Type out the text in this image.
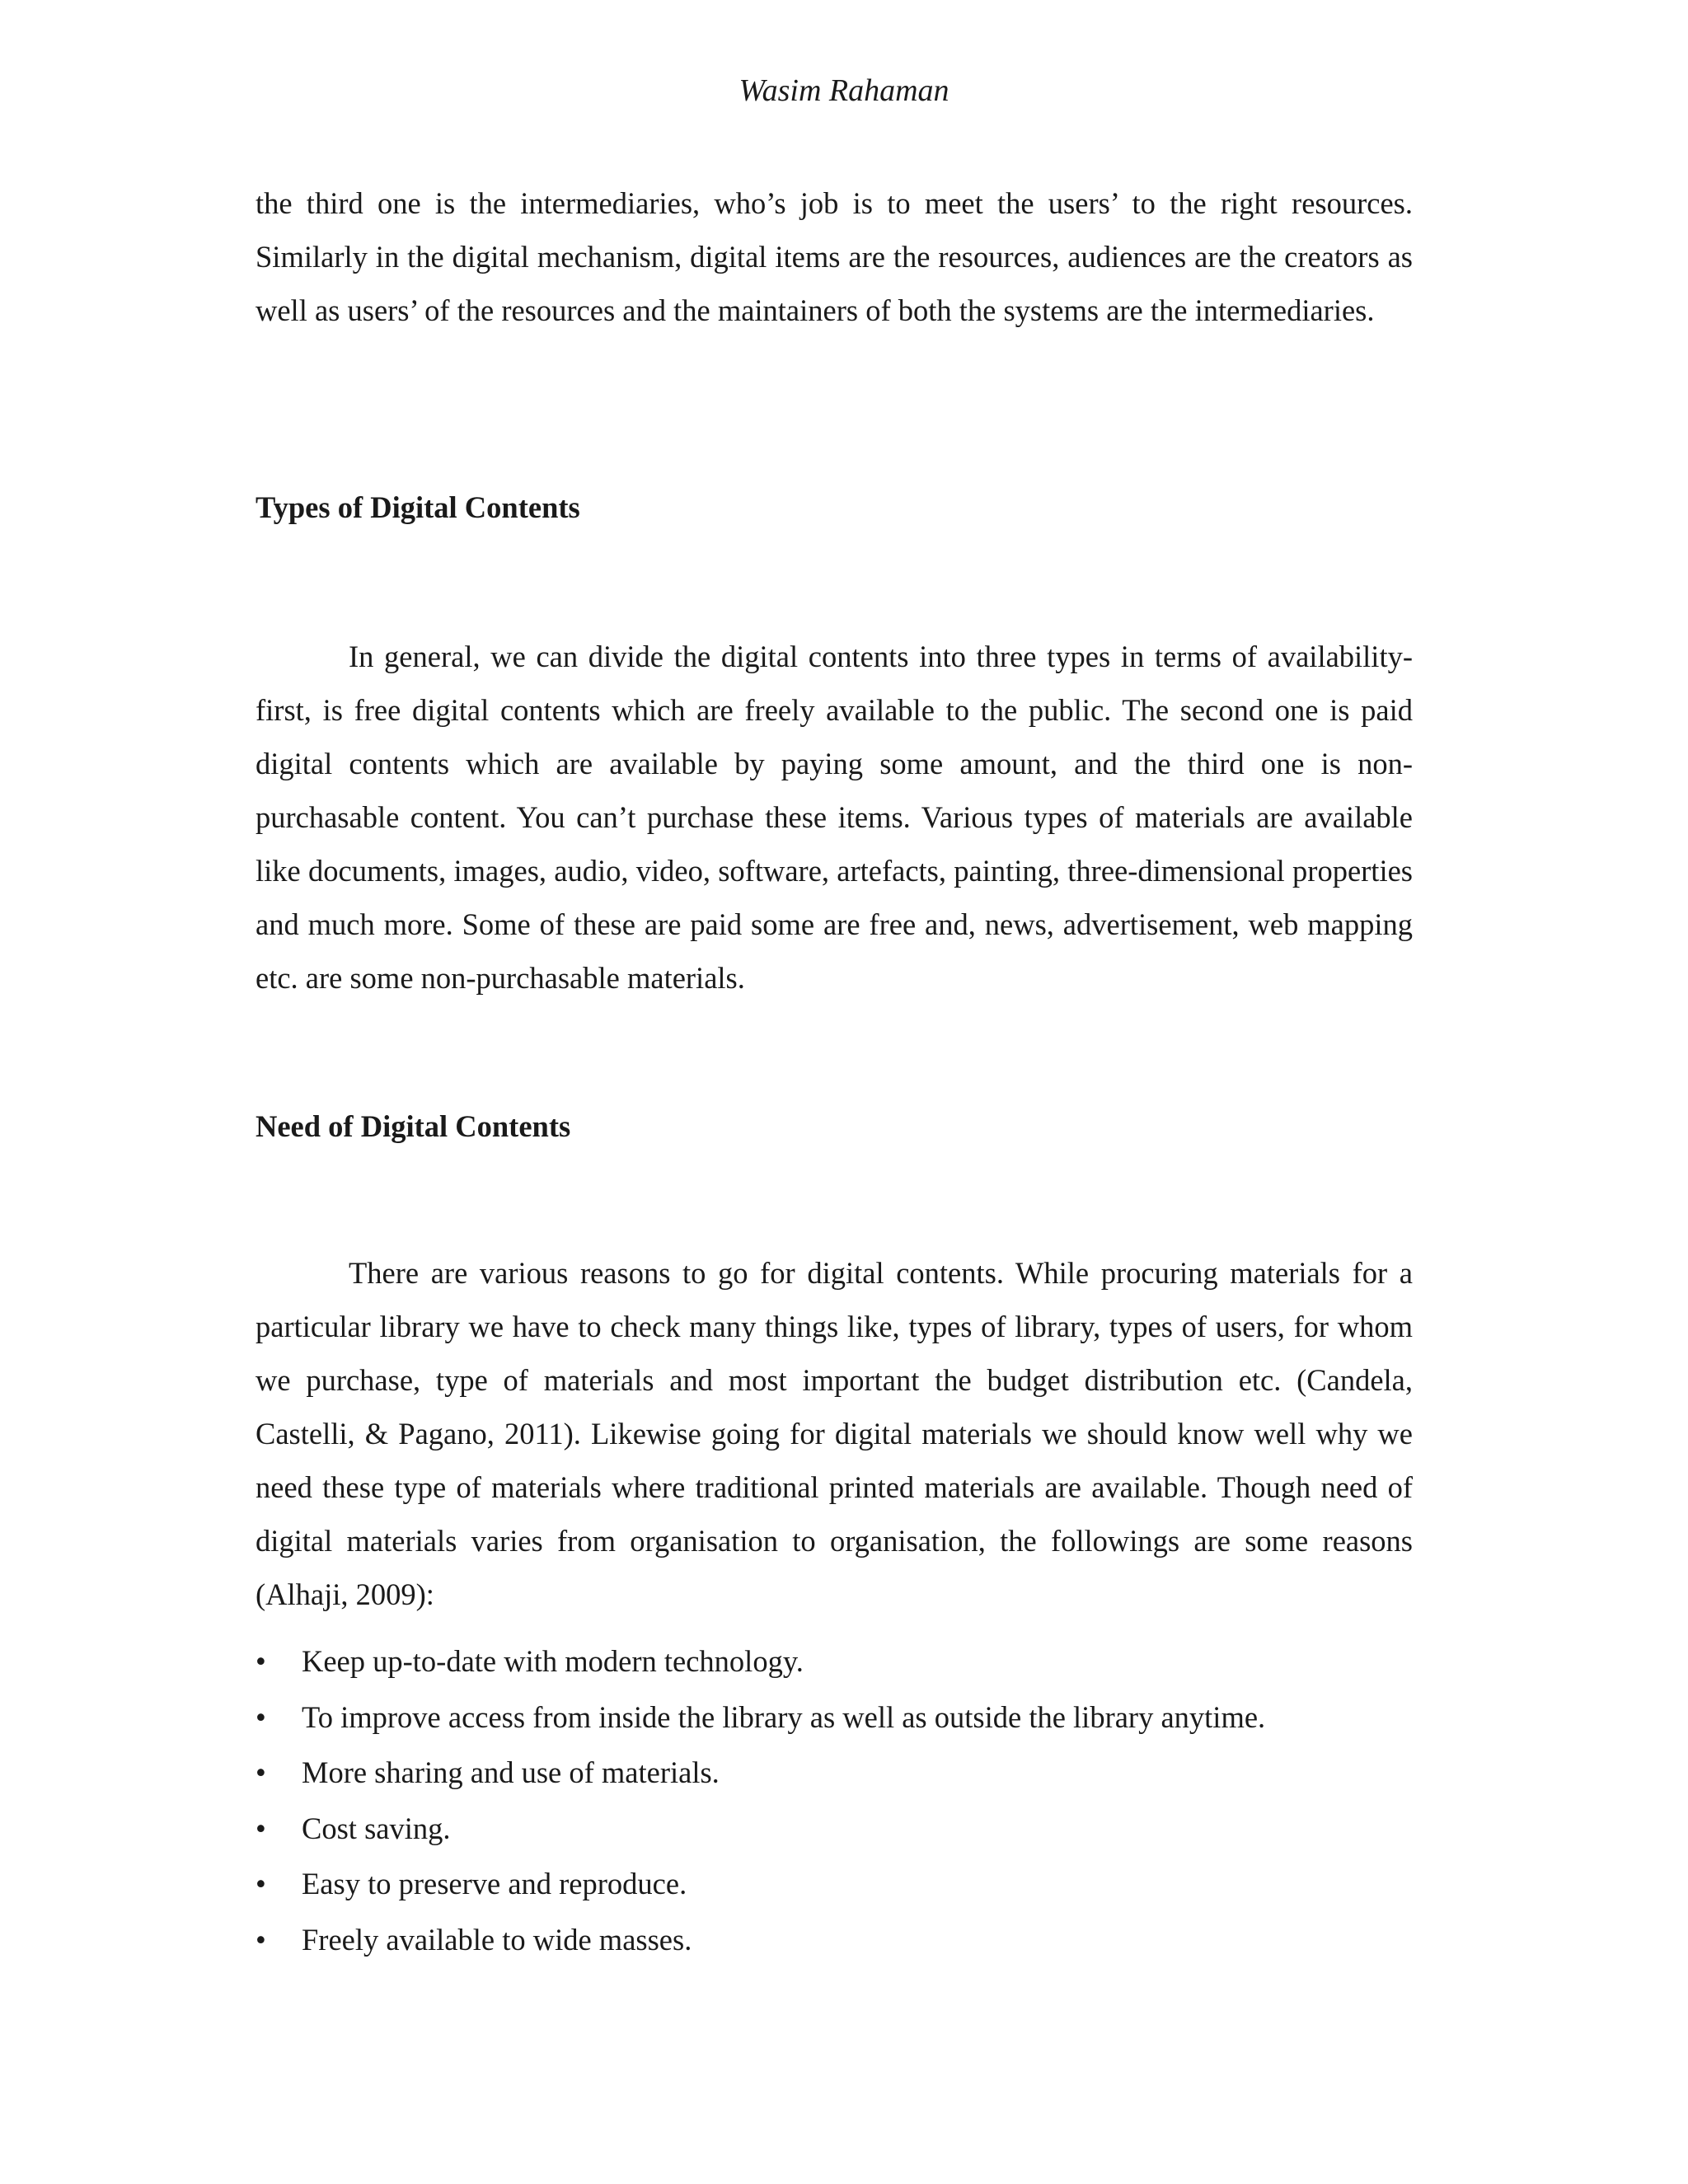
Wasim Rahaman

the third one is the intermediaries, who’s job is to meet the users’ to the right resources. Similarly in the digital mechanism, digital items are the resources, audiences are the creators as well as users’ of the resources and the maintainers of both the systems are the intermediaries.

Types of Digital Contents

In general, we can divide the digital contents into three types in terms of availability-first, is free digital contents which are freely available to the public. The second one is paid digital contents which are available by paying some amount, and the third one is non-purchasable content. You can’t purchase these items. Various types of materials are available like documents, images, audio, video, software, artefacts, painting, three-dimensional properties and much more. Some of these are paid some are free and, news, advertisement, web mapping etc. are some non-purchasable materials.

Need of Digital Contents

There are various reasons to go for digital contents. While procuring materials for a particular library we have to check many things like, types of library, types of users, for whom we purchase, type of materials and most important the budget distribution etc. (Candela, Castelli, & Pagano, 2011). Likewise going for digital materials we should know well why we need these type of materials where traditional printed materials are available. Though need of digital materials varies from organisation to organisation, the followings are some reasons (Alhaji, 2009):

•	Keep up-to-date with modern technology.
•	To improve access from inside the library as well as outside the library anytime.
•	More sharing and use of materials.
•	Cost saving.
•	Easy to preserve and reproduce.
•	Freely available to wide masses.
